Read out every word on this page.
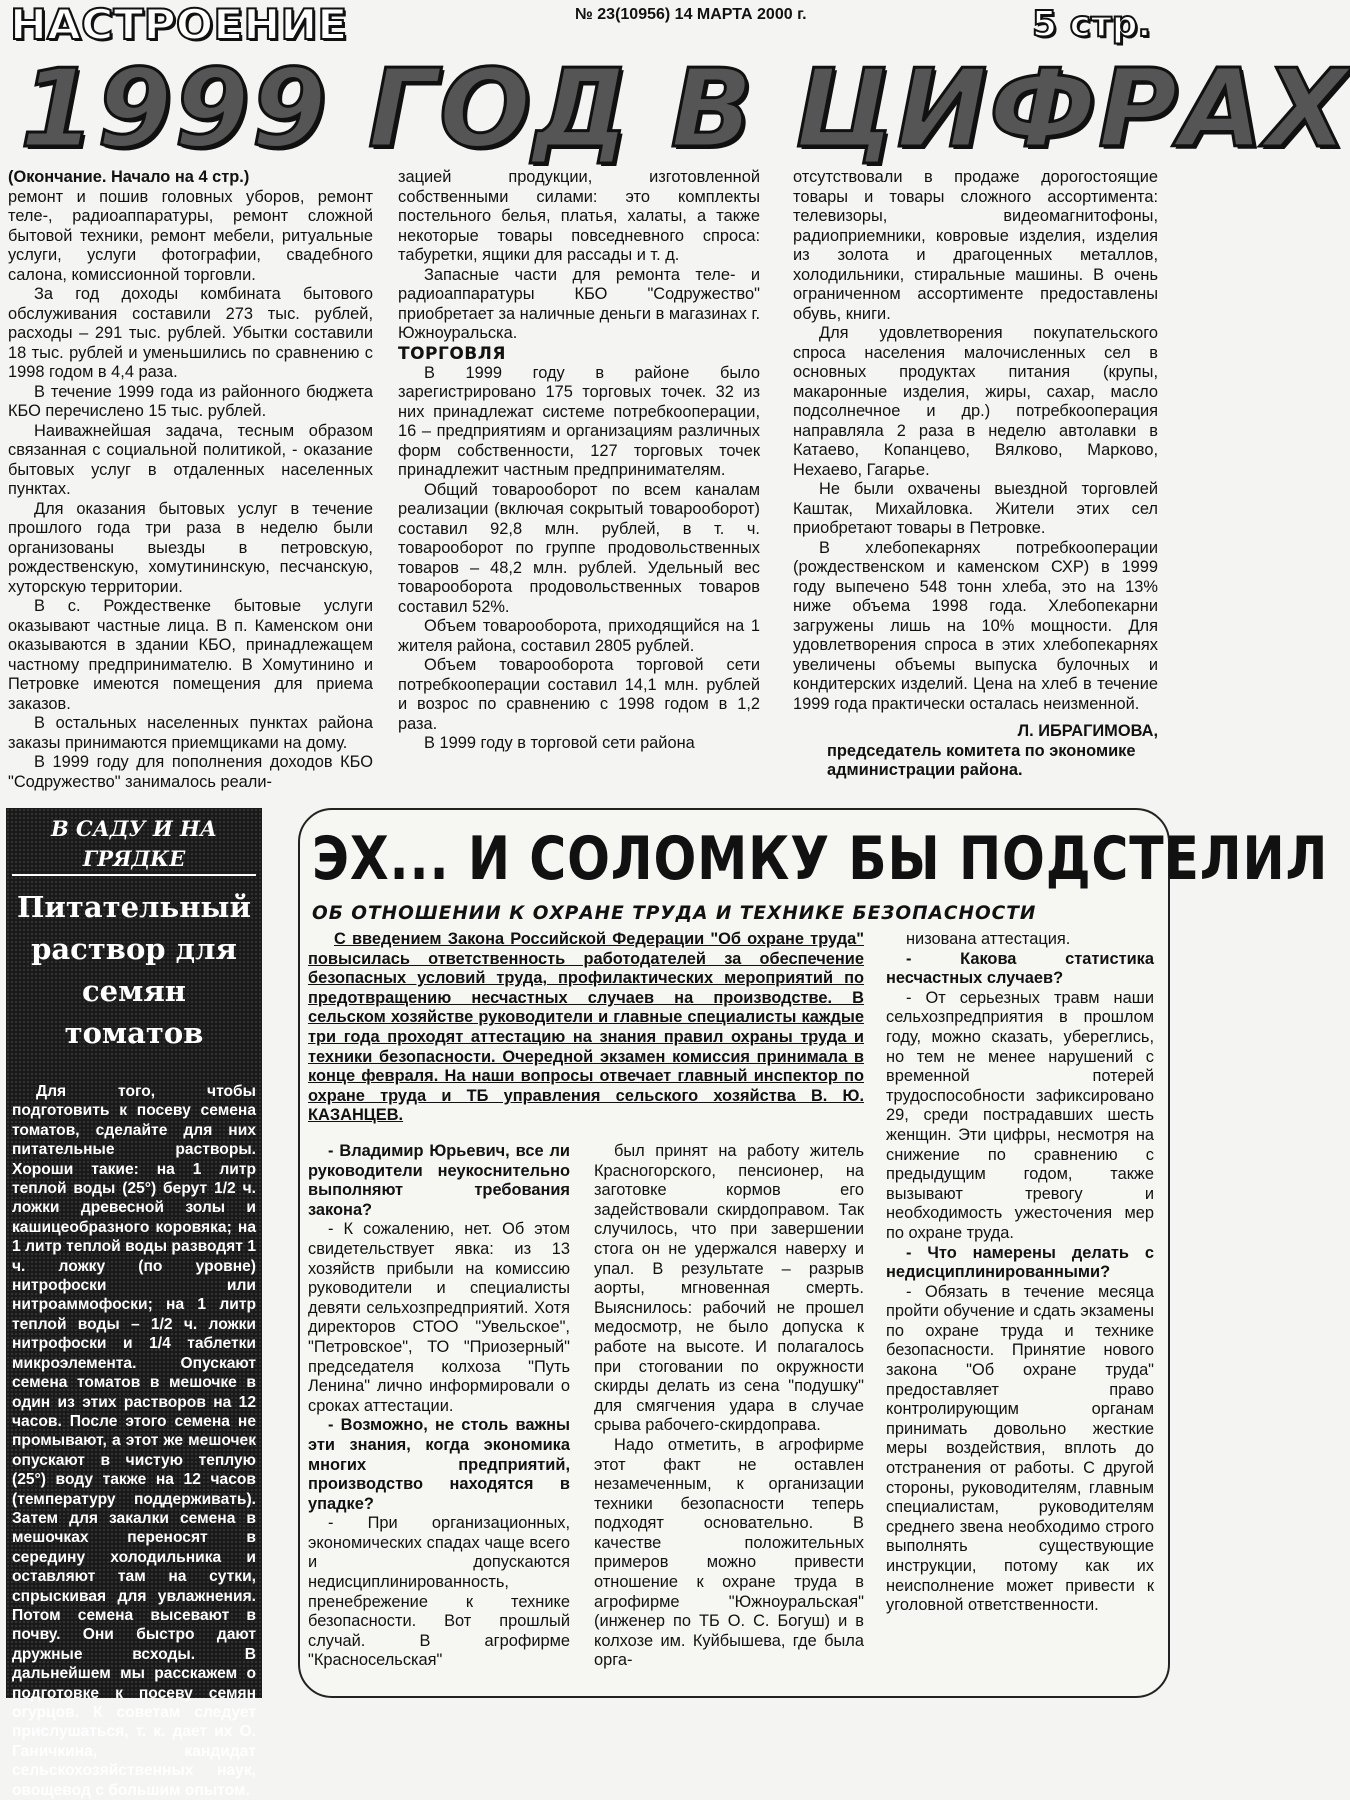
НАСТРОЕНИЕ	№ 23(10956) 14 МАРТА 2000 г.	5 стр.
1999 ГОД В ЦИФРАХ

(Окончание. Начало на 4 стр.)

ремонт и пошив головных уборов, ремонт теле-, радиоаппаратуры, ремонт сложной бытовой техники, ремонт мебели, ритуальные услуги, услуги фотографии, свадебного салона, комиссионной торговли.

За год доходы комбината бытового обслуживания составили 273 тыс. рублей, расходы – 291 тыс. рублей. Убытки составили 18 тыс. рублей и уменьшились по сравнению с 1998 годом в 4,4 раза.

В течение 1999 года из районного бюджета КБО перечислено 15 тыс. рублей.

Наиважнейшая задача, тесным образом связанная с социальной политикой, - оказание бытовых услуг в отдаленных населенных пунктах.

Для оказания бытовых услуг в течение прошлого года три раза в неделю были организованы выезды в петровскую, рождественскую, хомутининскую, песчанскую, хуторскую территории.

В с. Рождественке бытовые услуги оказывают частные лица. В п. Каменском они оказываются в здании КБО, принадлежащем частному предпринимателю. В Хомутинино и Петровке имеются помещения для приема заказов.

В остальных населенных пунктах района заказы принимаются приемщиками на дому.

В 1999 году для пополнения доходов КБО "Содружество" занималось реали-

зацией продукции, изготовленной собственными силами: это комплекты постельного белья, платья, халаты, а также некоторые товары повседневного спроса: табуретки, ящики для рассады и т. д.

Запасные части для ремонта теле- и радиоаппаратуры КБО "Содружество" приобретает за наличные деньги в магазинах г. Южноуральска.

ТОРГОВЛЯ

В 1999 году в районе было зарегистрировано 175 торговых точек. 32 из них принадлежат системе потребкооперации, 16 – предприятиям и организациям различных форм собственности, 127 торговых точек принадлежит частным предпринимателям.

Общий товарооборот по всем каналам реализации (включая сокрытый товарооборот) составил 92,8 млн. рублей, в т. ч. товарооборот по группе продовольственных товаров – 48,2 млн. рублей. Удельный вес товарооборота продовольственных товаров составил 52%.

Объем товарооборота, приходящийся на 1 жителя района, составил 2805 рублей.

Объем товарооборота торговой сети потребкооперации составил 14,1 млн. рублей и возрос по сравнению с 1998 годом в 1,2 раза.

В 1999 году в торговой сети района

отсутствовали в продаже дорогостоящие товары и товары сложного ассортимента: телевизоры, видеомагнитофоны, радиоприемники, ковровые изделия, изделия из золота и драгоценных металлов, холодильники, стиральные машины. В очень ограниченном ассортименте предоставлены обувь, книги.

Для удовлетворения покупательского спроса населения малочисленных сел в основных продуктах питания (крупы, макаронные изделия, жиры, сахар, масло подсолнечное и др.) потребкооперация направляла 2 раза в неделю автолавки в Катаево, Копанцево, Вялково, Марково, Нехаево, Гагарье.

Не были охвачены выездной торговлей Каштак, Михайловка. Жители этих сел приобретают товары в Петровке.

В хлебопекарнях потребкооперации (рождественском и каменском СХР) в 1999 году выпечено 548 тонн хлеба, это на 13% ниже объема 1998 года. Хлебопекарни загружены лишь на 10% мощности. Для удовлетворения спроса в этих хлебопекарнях увеличены объемы выпуска булочных и кондитерских изделий. Цена на хлеб в течение 1999 года практически осталась неизменной.

Л. ИБРАГИМОВА,

председатель комитета по экономике администрации района.

В САДУ И НА ГРЯДКЕ
Питательный раствор для семян томатов
Для того, чтобы подготовить к посеву семена томатов, сделайте для них питательные растворы. Хороши такие: на 1 литр теплой воды (25°) берут 1/2 ч. ложки древесной золы и кашицеобразного коровяка; на 1 литр теплой воды разводят 1 ч. ложку (по уровне) нитрофоски или нитроаммофоски; на 1 литр теплой воды – 1/2 ч. ложки нитрофоски и 1/4 таблетки микроэлемента. Опускают семена томатов в мешочке в один из этих растворов на 12 часов. После этого семена не промывают, а этот же мешочек опускают в чистую теплую (25°) воду также на 12 часов (температуру поддерживать). Затем для закалки семена в мешочках переносят в середину холодильника и оставляют там на сутки, спрыскивая для увлажнения. Потом семена высевают в почву. Они быстро дают дружные всходы. В дальнейшем мы расскажем о подготовке к посеву семян огурцов. К советам следует прислушаться, т. к. дает их О. Ганичкина, кандидат сельскохозяйственных наук, овощевод с большим опытом.
ЭХ... И СОЛОМКУ БЫ ПОДСТЕЛИЛ
ОБ ОТНОШЕНИИ К ОХРАНЕ ТРУДА И ТЕХНИКЕ БЕЗОПАСНОСТИ
С введением Закона Российской Федерации "Об охране труда" повысилась ответственность работодателей за обеспечение безопасных условий труда, профилактических мероприятий по предотвращению несчастных случаев на производстве. В сельском хозяйстве руководители и главные специалисты каждые три года проходят аттестацию на знания правил охраны труда и техники безопасности. Очередной экзамен комиссия принимала в конце февраля. На наши вопросы отвечает главный инспектор по охране труда и ТБ управления сельского хозяйства В. Ю. КАЗАНЦЕВ.

- Владимир Юрьевич, все ли руководители неукоснительно выполняют требования закона?

- К сожалению, нет. Об этом свидетельствует явка: из 13 хозяйств прибыли на комиссию руководители и специалисты девяти сельхозпредприятий. Хотя директоров СТОО "Увельское", "Петровское", ТО "Приозерный" председателя колхоза "Путь Ленина" лично информировали о сроках аттестации.

- Возможно, не столь важны эти знания, когда экономика многих предприятий, производство находятся в упадке?

- При организационных, экономических спадах чаще всего и допускаются недисциплинированность, пренебрежение к технике безопасности. Вот прошлый случай. В агрофирме "Красносельская"

был принят на работу житель Красногорского, пенсионер, на заготовке кормов его задействовали скирдоправом. Так случилось, что при завершении стога он не удержался наверху и упал. В результате – разрыв аорты, мгновенная смерть. Выяснилось: рабочий не прошел медосмотр, не было допуска к работе на высоте. И полагалось при стоговании по окружности скирды делать из сена "подушку" для смягчения удара в случае срыва рабочего-скирдоправа.

Надо отметить, в агрофирме этот факт не оставлен незамеченным, к организации техники безопасности теперь подходят основательно. В качестве положительных примеров можно привести отношение к охране труда в агрофирме "Южноуральская" (инженер по ТБ О. С. Богуш) и в колхозе им. Куйбышева, где была орга-

низована аттестация.

- Какова статистика несчастных случаев?

- От серьезных травм наши сельхозпредприятия в прошлом году, можно сказать, убереглись, но тем не менее нарушений с временной потерей трудоспособности зафиксировано 29, среди пострадавших шесть женщин. Эти цифры, несмотря на снижение по сравнению с предыдущим годом, также вызывают тревогу и необходимость ужесточения мер по охране труда.

- Что намерены делать с недисциплинированными?

- Обязать в течение месяца пройти обучение и сдать экзамены по охране труда и технике безопасности. Принятие нового закона "Об охране труда" предоставляет право контролирующим органам принимать довольно жесткие меры воздействия, вплоть до отстранения от работы. С другой стороны, руководителям, главным специалистам, руководителям среднего звена необходимо строго выполнять существующие инструкции, потому как их неисполнение может привести к уголовной ответственности.
